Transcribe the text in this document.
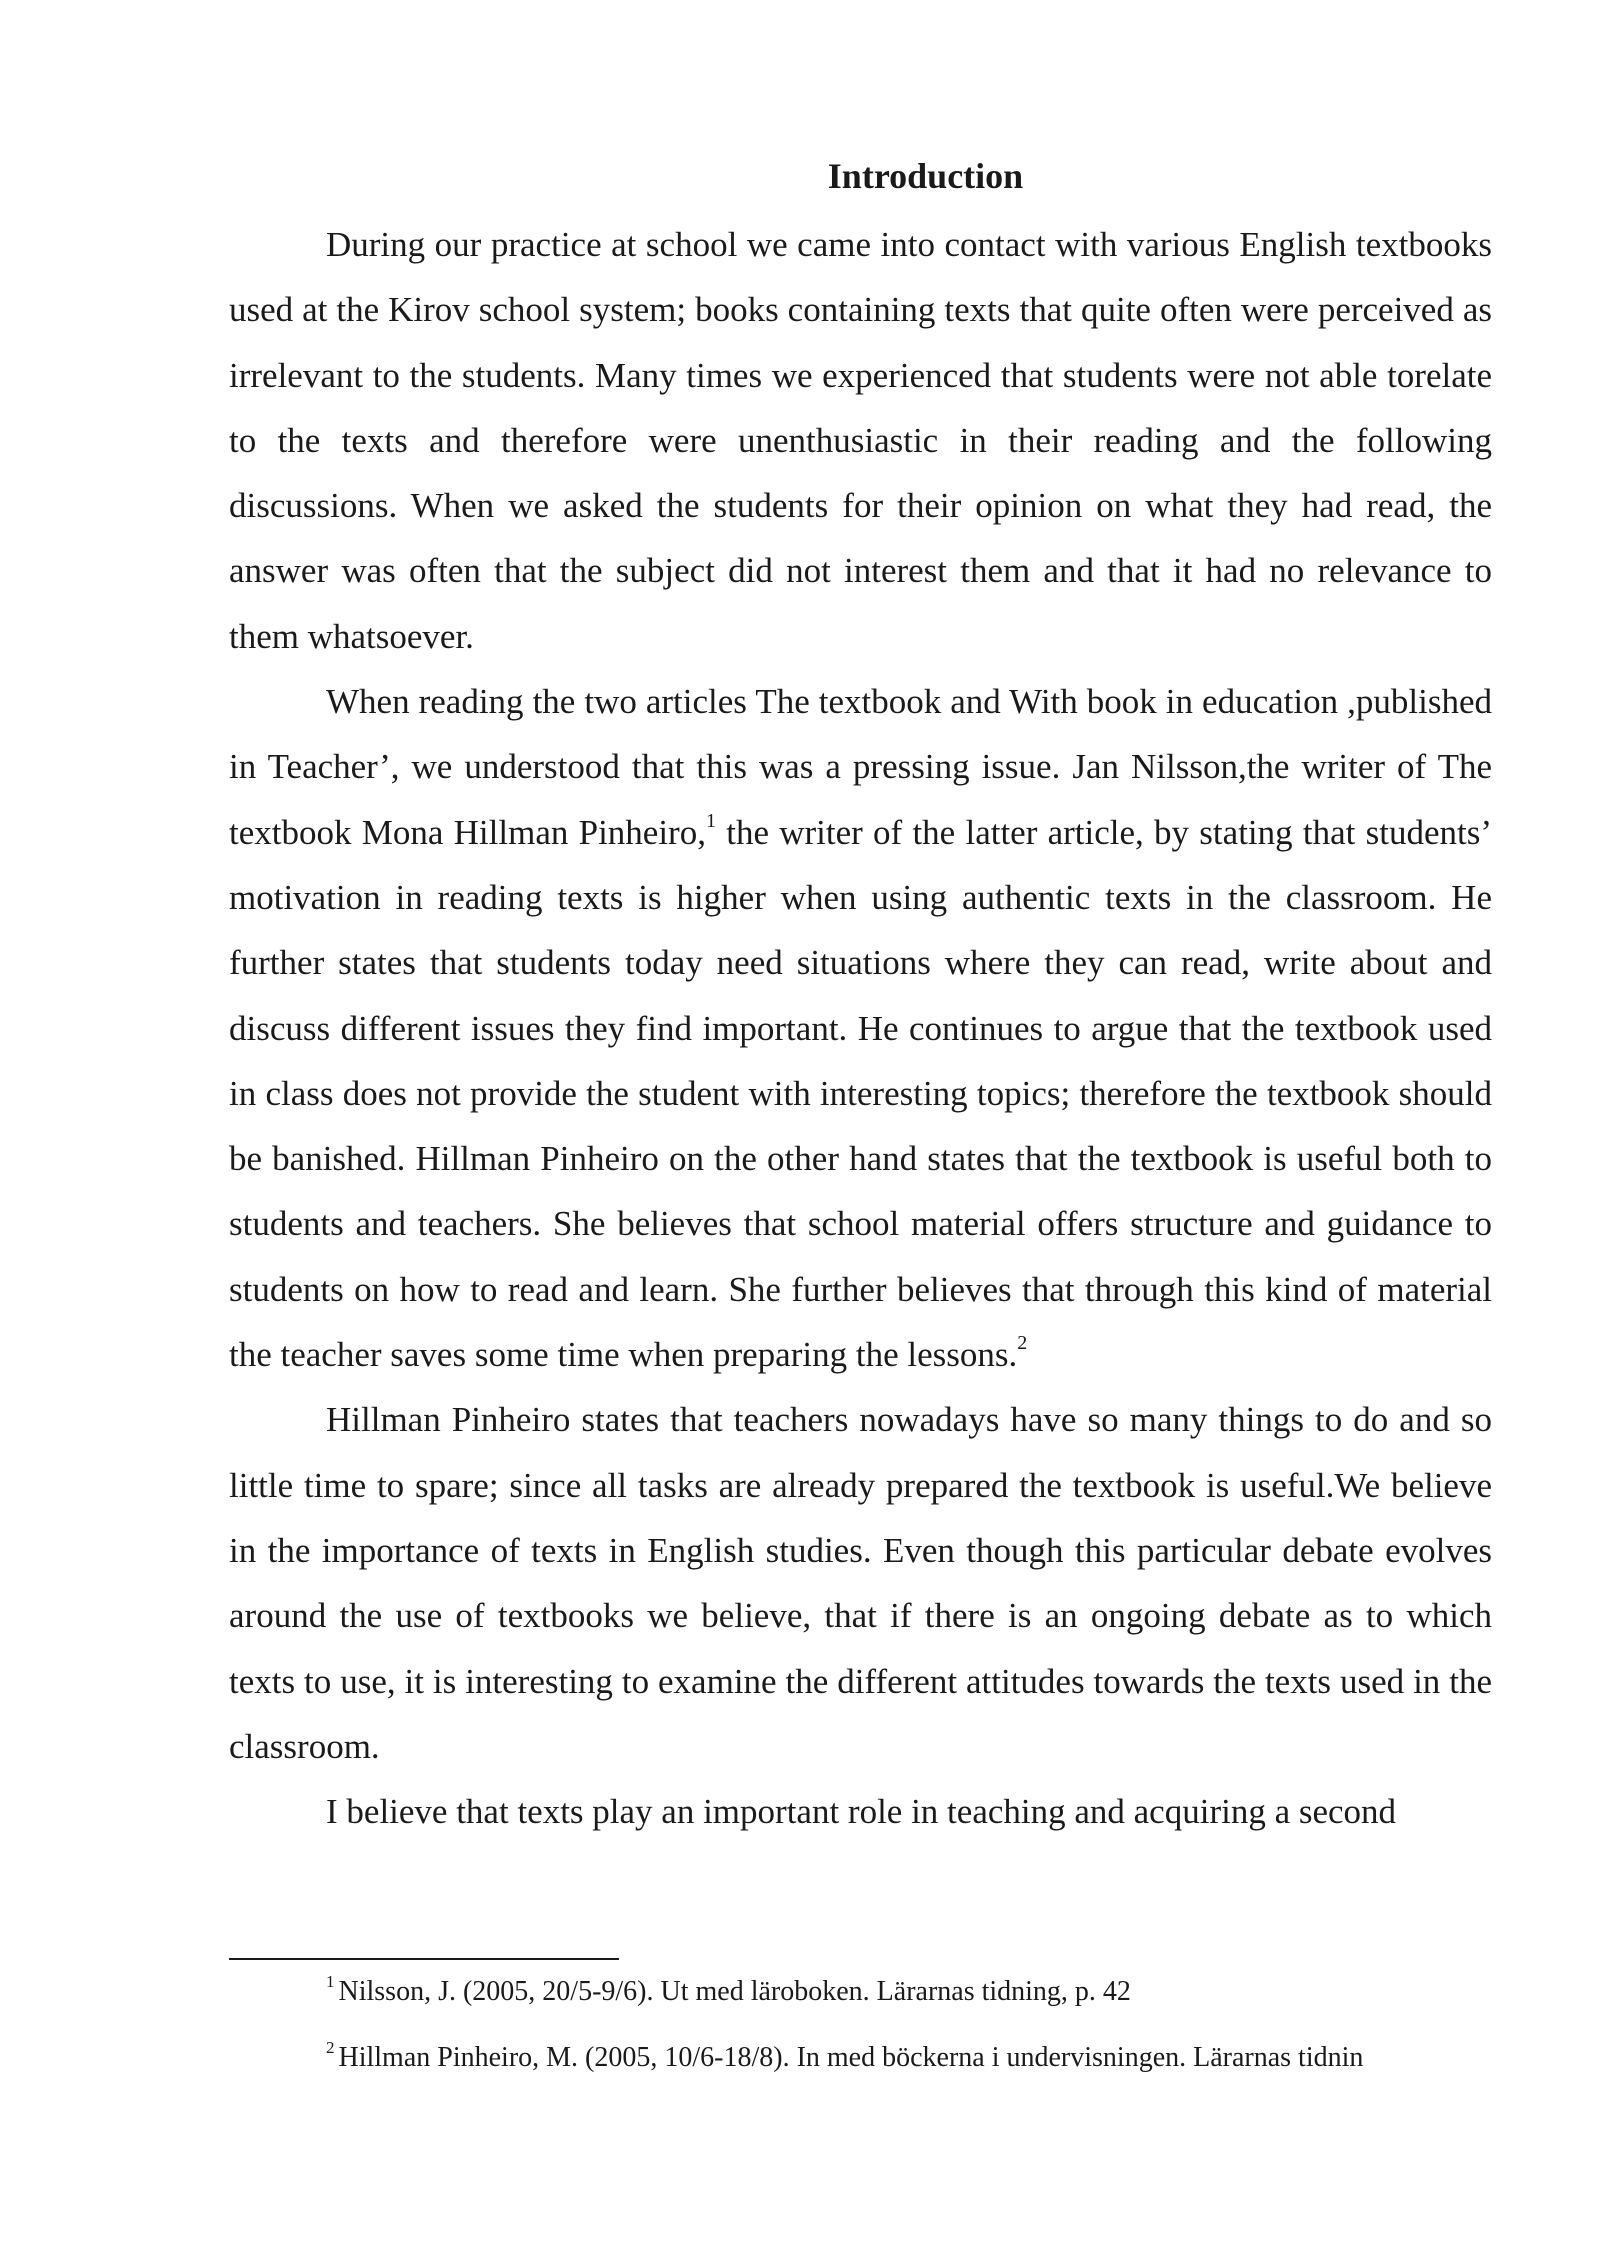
Introduction

During our practice at school we came into contact with various English textbooks used at the Kirov school system; books containing texts that quite often were perceived as irrelevant to the students. Many times we experienced that students were not able torelate to the texts and therefore were unenthusiastic in their reading and the following discussions. When we asked the students for their opinion on what they had read, the answer was often that the subject did not interest them and that it had no relevance to them whatsoever.

When reading the two articles The textbook and With book in education ,published in Teacher’, we understood that this was a pressing issue. Jan Nilsson,the writer of The textbook Mona Hillman Pinheiro,$^1$ the writer of the latter article, by stating that students’ motivation in reading texts is higher when using authentic texts in the classroom. He further states that students today need situations where they can read, write about and discuss different issues they find important. He continues to argue that the textbook used in class does not provide the student with interesting topics; therefore the textbook should be banished. Hillman Pinheiro on the other hand states that the textbook is useful both to students and teachers. She believes that school material offers structure and guidance to students on how to read and learn. She further believes that through this kind of material the teacher saves some time when preparing the lessons.$^2$

Hillman Pinheiro states that teachers nowadays have so many things to do and so little time to spare; since all tasks are already prepared the textbook is useful.We believe in the importance of texts in English studies. Even though this particular debate evolves around the use of textbooks we believe, that if there is an ongoing debate as to which texts to use, it is interesting to examine the different attitudes towards the texts used in the classroom.

I believe that texts play an important role in teaching and acquiring a second

$^1$ Nilsson, J. (2005, 20/5-9/6). Ut med läroboken. Lärarnas tidning, p. 42
$^2$ Hillman Pinheiro, M. (2005, 10/6-18/8). In med böckerna i undervisningen. Lärarnas tidnin
